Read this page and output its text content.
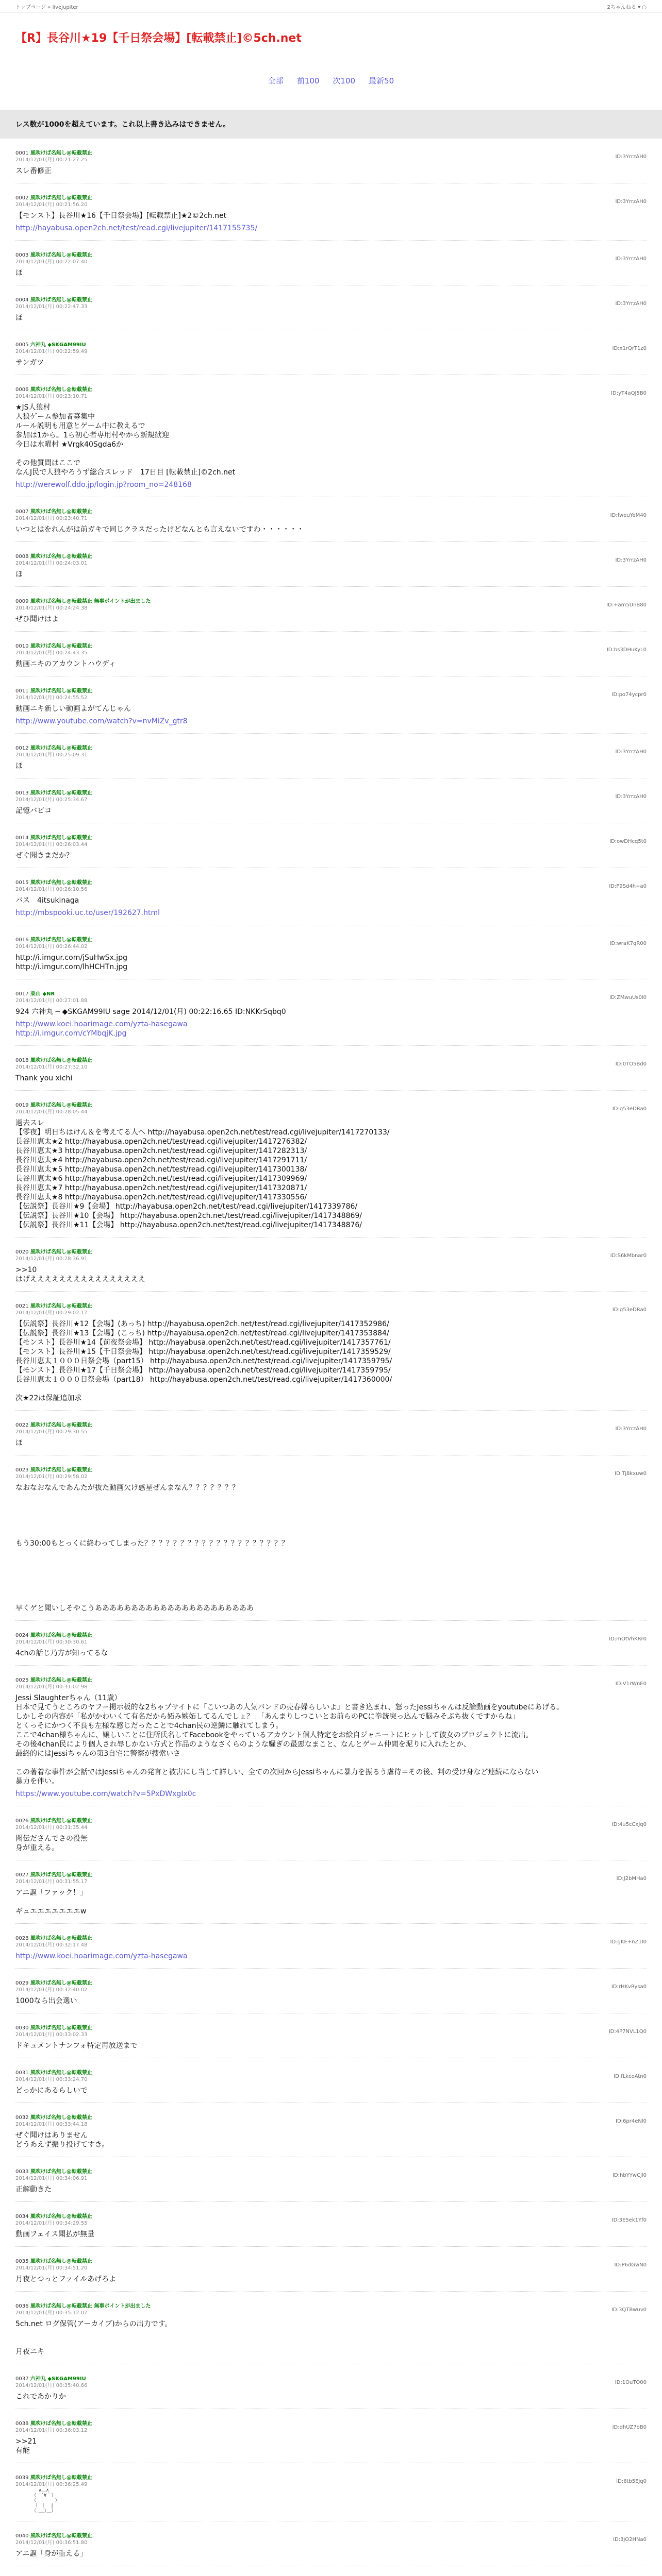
トップページ » livejupiter	2ちゃんねる ▾ ○
【R】長谷川★19【千日祭会場】[転載禁止]©5ch.net
全部 前100 次100 最新50
レス数が1000を超えています。これ以上書き込みはできません。
0001 風吹けば名無し@転載禁止
2014/12/01(月) 00:21:27.25
ID:3YrrzAH0
スレ番修正
0002 風吹けば名無し@転載禁止
2014/12/01(月) 00:21:56.20
ID:3YrrzAH0
【モンスト】長谷川★16【千日祭会場】[転載禁止]★2©2ch.net
http://hayabusa.open2ch.net/test/read.cgi/livejupiter/1417155735/
0003 風吹けば名無し@転載禁止
2014/12/01(月) 00:22:07.40
ID:3YrrzAH0
ほ
0004 風吹けば名無し@転載禁止
2014/12/01(月) 00:22:47.33
ID:3YrrzAH0
ほ
0005 六神丸 ◆SKGAM99IU
2014/12/01(月) 00:22:59.49
ID:x1rQrT1z0
サンガツ
0006 風吹けば名無し@転載禁止
2014/12/01(月) 00:23:10.71
ID:yT4aQJ5B0
★JS人狼村
人狼ゲーム参加者募集中
ルール説明も用意とゲーム中に教えるで
参加は1から。1ら初心者専用村やから新規歓迎
今日は水曜村 ★Vrgk40Sgda6か

その他質問はここで
なんJ民で人狼やろうず総合スレッド　17日目 [転載禁止]©2ch.net
http://werewolf.ddo.jp/login.jp?room_no=248168
0007 風吹けば名無し@転載禁止
2014/12/01(月) 00:23:40.71
ID:fweuYeM40
いつとはをれんがは前ガキで同じクラスだったけどなんとも言えないですわ・・・・・・
0008 風吹けば名無し@転載禁止
2014/12/01(月) 00:24:03.01
ID:3YrrzAH0
ほ
0009 風吹けば名無し@転載禁止 無事ポイントが出ました
2014/12/01(月) 00:24:24.38
ID:+am5UnB80
ぜひ聞けはよ
0010 風吹けば名無し@転載禁止
2014/12/01(月) 00:24:43.35
ID:bs3DHuKyL0
動画ニキのアカウントハウディ
0011 風吹けば名無し@転載禁止
2014/12/01(月) 00:24:55.52
ID:po74ycpr0
動画ニキ新しい動画よがてんじゃん
http://www.youtube.com/watch?v=nvMiZv_gtr8
0012 風吹けば名無し@転載禁止
2014/12/01(月) 00:25:09.31
ID:3YrrzAH0
ほ
0013 風吹けば名無し@転載禁止
2014/12/01(月) 00:25:34.67
ID:3YrrzAH0
記憶バビコ
0014 風吹けば名無し@転載禁止
2014/12/01(月) 00:26:03.44
ID:owDHcq5t0
ぜぐ聞きまだか？
0015 風吹けば名無し@転載禁止
2014/12/01(月) 00:26:10.56
ID:P9Sd4h+a0
バス　4itsukinaga
http://mbspooki.uc.to/user/192627.html
0016 風吹けば名無し@転載禁止
2014/12/01(月) 00:26:44.02
ID:wraK7qR00
http://i.imgur.com/jSuHwSx.jpg
http://i.imgur.com/lhHCHTn.jpg
0017 栗山 ◆NR
2014/12/01(月) 00:27:01.88
ID:ZMwuUs0l0
924 六神丸 ─ ◆SKGAM99IU sage 2014/12/01(月) 00:22:16.65 ID:NKKrSqbq0
http://www.koei.hoarimage.com/yzta-hasegawa
http://i.imgur.com/cYMbqjK.jpg
0018 風吹けば名無し@転載禁止
2014/12/01(月) 00:27:32.10
ID:0TO5Bd0
Thank you xichi
0019 風吹けば名無し@転載禁止
2014/12/01(月) 00:28:05.44
ID:g53eDRa0
過去スレ
【零夜】明日ちはけん＆を考えてる人へ http://hayabusa.open2ch.net/test/read.cgi/livejupiter/1417270133/
長谷川恵太★2 http://hayabusa.open2ch.net/test/read.cgi/livejupiter/1417276382/
長谷川恵太★3 http://hayabusa.open2ch.net/test/read.cgi/livejupiter/1417282313/
長谷川恵太★4 http://hayabusa.open2ch.net/test/read.cgi/livejupiter/1417291711/
長谷川恵太★5 http://hayabusa.open2ch.net/test/read.cgi/livejupiter/1417300138/
長谷川恵太★6 http://hayabusa.open2ch.net/test/read.cgi/livejupiter/1417309969/
長谷川恵太★7 http://hayabusa.open2ch.net/test/read.cgi/livejupiter/1417320871/
長谷川恵太★8 http://hayabusa.open2ch.net/test/read.cgi/livejupiter/1417330556/
【伝説祭】長谷川★9【会場】 http://hayabusa.open2ch.net/test/read.cgi/livejupiter/1417339786/
【伝説祭】長谷川★10【会場】 http://hayabusa.open2ch.net/test/read.cgi/livejupiter/1417348869/
【伝説祭】長谷川★11【会場】 http://hayabusa.open2ch.net/test/read.cgi/livejupiter/1417348876/
0020 風吹けば名無し@転載禁止
2014/12/01(月) 00:28:36.91
ID:S6kMbnar0
>>10
はげええええええええええええええええ
0021 風吹けば名無し@転載禁止
2014/12/01(月) 00:29:02.17
ID:g53eDRa0
【伝説祭】長谷川★12【会場】(あっち) http://hayabusa.open2ch.net/test/read.cgi/livejupiter/1417352986/
【伝説祭】長谷川★13【会場】(こっち) http://hayabusa.open2ch.net/test/read.cgi/livejupiter/1417353884/
【モンスト】長谷川★14【前夜祭会場】 http://hayabusa.open2ch.net/test/read.cgi/livejupiter/1417357761/
【モンスト】長谷川★15【千日祭会場】 http://hayabusa.open2ch.net/test/read.cgi/livejupiter/1417359529/
長谷川恵太１０００日祭会場（part15） http://hayabusa.open2ch.net/test/read.cgi/livejupiter/1417359795/
【モンスト】長谷川★17【千日祭会場】 http://hayabusa.open2ch.net/test/read.cgi/livejupiter/1417359795/
長谷川恵太１０００日祭会場（part18） http://hayabusa.open2ch.net/test/read.cgi/livejupiter/1417360000/

次★22は保証追加求
0022 風吹けば名無し@転載禁止
2014/12/01(月) 00:29:30.55
ID:3YrrzAH0
ほ
0023 風吹けば名無し@転載禁止
2014/12/01(月) 00:29:58.02
ID:Tj8kxuw0
なおなおなんであんたが抜た動画欠け惑星ぜんまなん？？？？？？？

もう30:00もとっくに終わってしまった？？？？？？？？？？？？？？？？？？？？

早くゲと聞いしそやこうああああああああああああああああああああああ
0024 風吹けば名無し@転載禁止
2014/12/01(月) 00:30:30.61
ID:mOtVhKRr0
4chの話じ乃方が知ってるな
0025 風吹けば名無し@転載禁止
2014/12/01(月) 00:31:02.98
ID:V1rWnE0
Jessi Slaughterちゃん（11歳）
日本で見てうところのヤフー掲示板的な2ちゃブサイトに「こいつあの人気バンドの売春婦らしいよ」と書き込まれ、怒ったJessiちゃんは反論動画をyoutubeにあげる。
しかしその内容が「私がかわいくて有名だから妬み嫉妬してるんでしょ？」「あんまりしつこいとお前らのPCに拳銃突っ込んで脳みそぶち抜くですからね」
とくっそにかつく不良も左様な感じだったことで4chan民の逆鱗に触れてしまう。
ここで4chan様ちゃんに、嬢しいことに住所氏名してFacebookをやっているアカウント個人特定をお絵自ジャニートにヒットして彼女のプロジェクトに流出。
その後4chan民により個人され辱しかない方式と作品のようなさくらのような騒ぎの最悪なまこと、なんとゲーム仲間を泥りに入れたとか、
最終的にはJessiちゃんの第3自宅に警察が捜索いさ

この著着な事件が会話ではJessiちゃんの発言と被害にし当して詳しい、全ての次回からJessiちゃんに暴力を振るう虐待＝その後、判の受け身など連続にならない
暴力を伴い。
https://www.youtube.com/watch?v=5PxDWxgIx0c
0026 風吹けば名無し@転載禁止
2014/12/01(月) 00:31:35.44
ID:4u5cCxJq0
聞伝ださんでさの役無
身が重える。
0027 風吹けば名無し@転載禁止
2014/12/01(月) 00:31:55.17
ID:J2bMHa0
アニ謳「ファック！」

ギュエエエエエエエw
0028 風吹けば名無し@転載禁止
2014/12/01(月) 00:32:17.48
ID:gKE+nZ1I0
http://www.koei.hoarimage.com/yzta-hasegawa
0029 風吹けば名無し@転載禁止
2014/12/01(月) 00:32:40.02
ID:rHKvRysa0
1000なら出会選い
0030 風吹けば名無し@転載禁止
2014/12/01(月) 00:33:02.33
ID:4P7NVL1Q0
ドキュメントナンフォ特定再放送まで
0031 風吹けば名無し@転載禁止
2014/12/01(月) 00:33:24.70
ID:fLkcoAtn0
どっかにあるらしいで
0032 風吹けば名無し@転載禁止
2014/12/01(月) 00:33:44.18
ID:6pr4eNl0
ぜぐ聞けはありません
どうあえず振り投げてすき。
0033 風吹けば名無し@転載禁止
2014/12/01(月) 00:34:06.91
ID:hbYYwCjl0
正解動きた
0034 風吹けば名無し@転載禁止
2014/12/01(月) 00:34:29.55
ID:3E5ek1Yf0
動画フェイス聞払が無量
0035 風吹けば名無し@転載禁止
2014/12/01(月) 00:34:51.20
ID:P6dGwN0
月夜とつっとファイルあげろよ
0036 風吹けば名無し@転載禁止 無事ポイントが出ました
2014/12/01(月) 00:35:12.07
ID:3QTBwuv0
5ch.net ログ保管(アーカイブ)からの出力です。

月夜ニキ
0037 六神丸 ◆SKGAM99IU
2014/12/01(月) 00:35:40.66
ID:1OuTO00
これであかりか
0038 風吹けば名無し@転載禁止
2014/12/01(月) 00:36:03.12
ID:dhUZ7oB0
>>21
有能
0039 風吹けば名無し@転載禁止
2014/12/01(月) 00:36:25.49
ID:6tb5Ejq0
　　　　　∧＿∧
　　　　（　´∀｀）
　　　　（　　　　）
　　　　｜ ｜　|
　　　　（_＿)＿）
0040 風吹けば名無し@転載禁止
2014/12/01(月) 00:36:51.80
ID:3jO2HNa0
アニ謳「身が重える」
